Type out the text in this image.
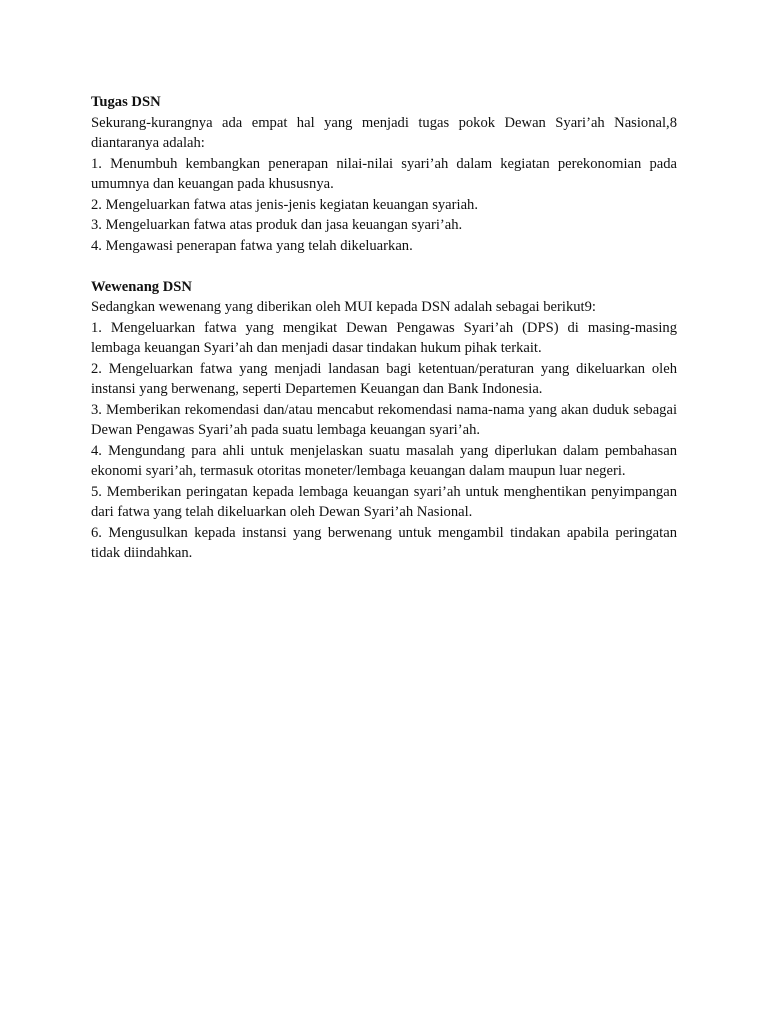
Tugas DSN

Sekurang-kurangnya ada empat hal yang menjadi tugas pokok Dewan Syari’ah Nasional,8 diantaranya adalah:

1. Menumbuh kembangkan penerapan nilai-nilai syari’ah dalam kegiatan perekonomian pada umumnya dan keuangan pada khususnya.

2. Mengeluarkan fatwa atas jenis-jenis kegiatan keuangan syariah.

3. Mengeluarkan fatwa atas produk dan jasa keuangan syari’ah.

4. Mengawasi penerapan fatwa yang telah dikeluarkan.

Wewenang DSN

Sedangkan wewenang yang diberikan oleh MUI kepada DSN adalah sebagai berikut9:

1. Mengeluarkan fatwa yang mengikat Dewan Pengawas Syari’ah (DPS) di masing-masing lembaga keuangan Syari’ah dan menjadi dasar tindakan hukum pihak terkait.

2. Mengeluarkan fatwa yang menjadi landasan bagi ketentuan/peraturan yang dikeluarkan oleh instansi yang berwenang, seperti Departemen Keuangan dan Bank Indonesia.

3. Memberikan rekomendasi dan/atau mencabut rekomendasi nama-nama yang akan duduk sebagai Dewan Pengawas Syari’ah pada suatu lembaga keuangan syari’ah.

4. Mengundang para ahli untuk menjelaskan suatu masalah yang diperlukan dalam pembahasan ekonomi syari’ah, termasuk otoritas moneter/lembaga keuangan dalam maupun luar negeri.

5. Memberikan peringatan kepada lembaga keuangan syari’ah untuk menghentikan penyimpangan dari fatwa yang telah dikeluarkan oleh Dewan Syari’ah Nasional.

6. Mengusulkan kepada instansi yang berwenang untuk mengambil tindakan apabila peringatan tidak diindahkan.
